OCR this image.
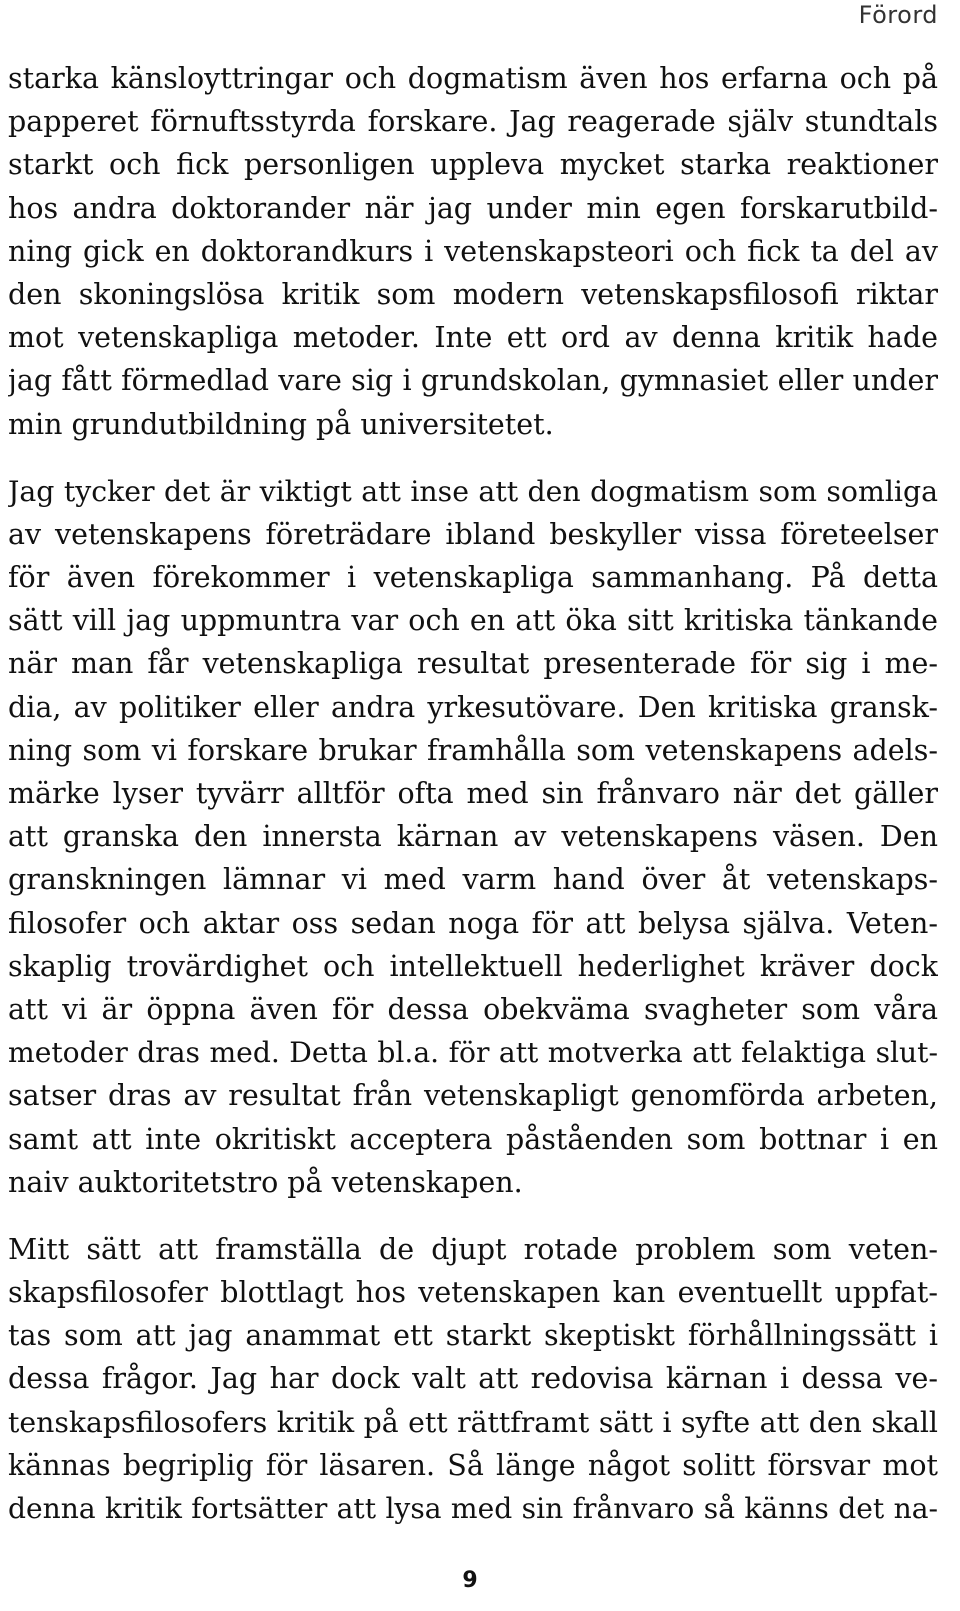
Förord
starka känsloyttringar och dogmatism även hos erfarna och på
papperet förnuftsstyrda forskare. Jag reagerade själv stundtals
starkt och fick personligen uppleva mycket starka reaktioner
hos andra doktorander när jag under min egen forskarutbild-
ning gick en doktorandkurs i vetenskapsteori och fick ta del av
den skoningslösa kritik som modern vetenskapsfilosofi riktar
mot vetenskapliga metoder. Inte ett ord av denna kritik hade
jag fått förmedlad vare sig i grundskolan, gymnasiet eller under
min grundutbildning på universitetet.
Jag tycker det är viktigt att inse att den dogmatism som somliga
av vetenskapens företrädare ibland beskyller vissa företeelser
för även förekommer i vetenskapliga sammanhang. På detta
sätt vill jag uppmuntra var och en att öka sitt kritiska tänkande
när man får vetenskapliga resultat presenterade för sig i me-
dia, av politiker eller andra yrkesutövare. Den kritiska gransk-
ning som vi forskare brukar framhålla som vetenskapens adels-
märke lyser tyvärr alltför ofta med sin frånvaro när det gäller
att granska den innersta kärnan av vetenskapens väsen. Den
granskningen lämnar vi med varm hand över åt vetenskaps-
filosofer och aktar oss sedan noga för att belysa själva. Veten-
skaplig trovärdighet och intellektuell hederlighet kräver dock
att vi är öppna även för dessa obekväma svagheter som våra
metoder dras med. Detta bl.a. för att motverka att felaktiga slut-
satser dras av resultat från vetenskapligt genomförda arbeten,
samt att inte okritiskt acceptera påståenden som bottnar i en
naiv auktoritetstro på vetenskapen.
Mitt sätt att framställa de djupt rotade problem som veten-
skapsfilosofer blottlagt hos vetenskapen kan eventuellt uppfat-
tas som att jag anammat ett starkt skeptiskt förhållningssätt i
dessa frågor. Jag har dock valt att redovisa kärnan i dessa ve-
tenskapsfilosofers kritik på ett rättframt sätt i syfte att den skall
kännas begriplig för läsaren. Så länge något solitt försvar mot
denna kritik fortsätter att lysa med sin frånvaro så känns det na-
9
